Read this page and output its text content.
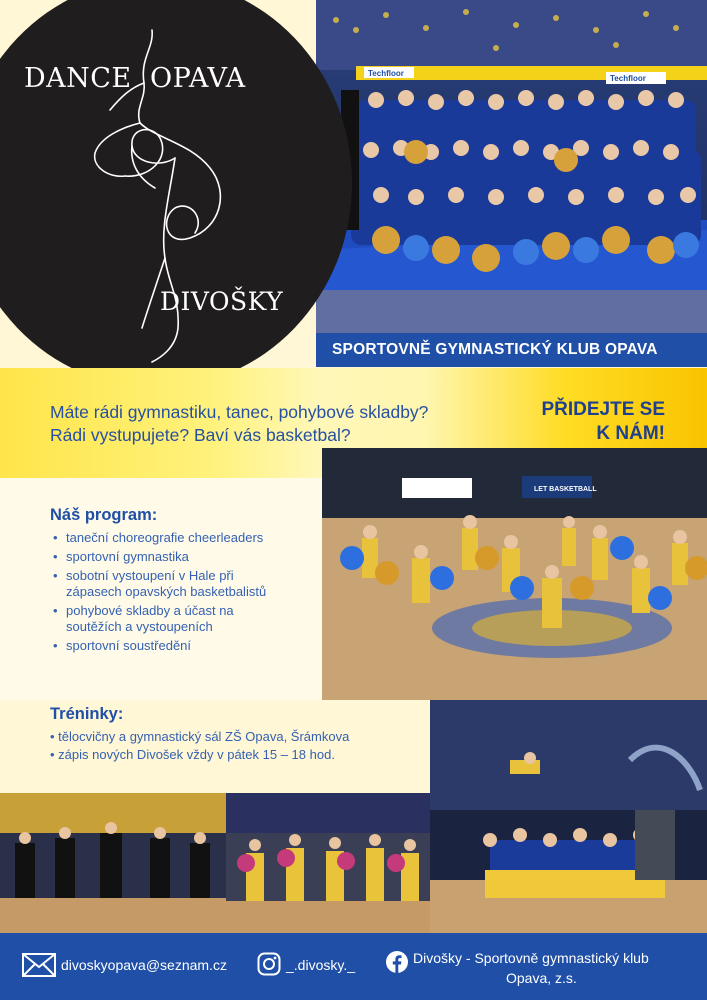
Techfloor
Techfloor
DANCE OPAVA
DIVOŠKY
SPORTOVNĚ GYMNASTICKÝ KLUB OPAVA
Máte rádi gymnastiku, tanec, pohybové skladby?
Rádi vystupujete? Baví vás basketbal?
PŘIDEJTE SE
K NÁM!
LET BASKETBALL
Náš program:
• taneční choreografie cheerleaders
• sportovní gymnastika
• sobotní vystoupení v Hale při zápasech opavských basketbalistů
• pohybové skladby a účast na soutěžích a vystoupeních
• sportovní soustředění
Tréninky:
• tělocvičny a gymnastický sál ZŠ Opava, Šrámkova
• zápis nových Divošek vždy v pátek 15 – 18 hod.
divoskyopava@seznam.cz	_.divosky._	Divošky - Sportovně gymnastický klub
Opava, z.s.
